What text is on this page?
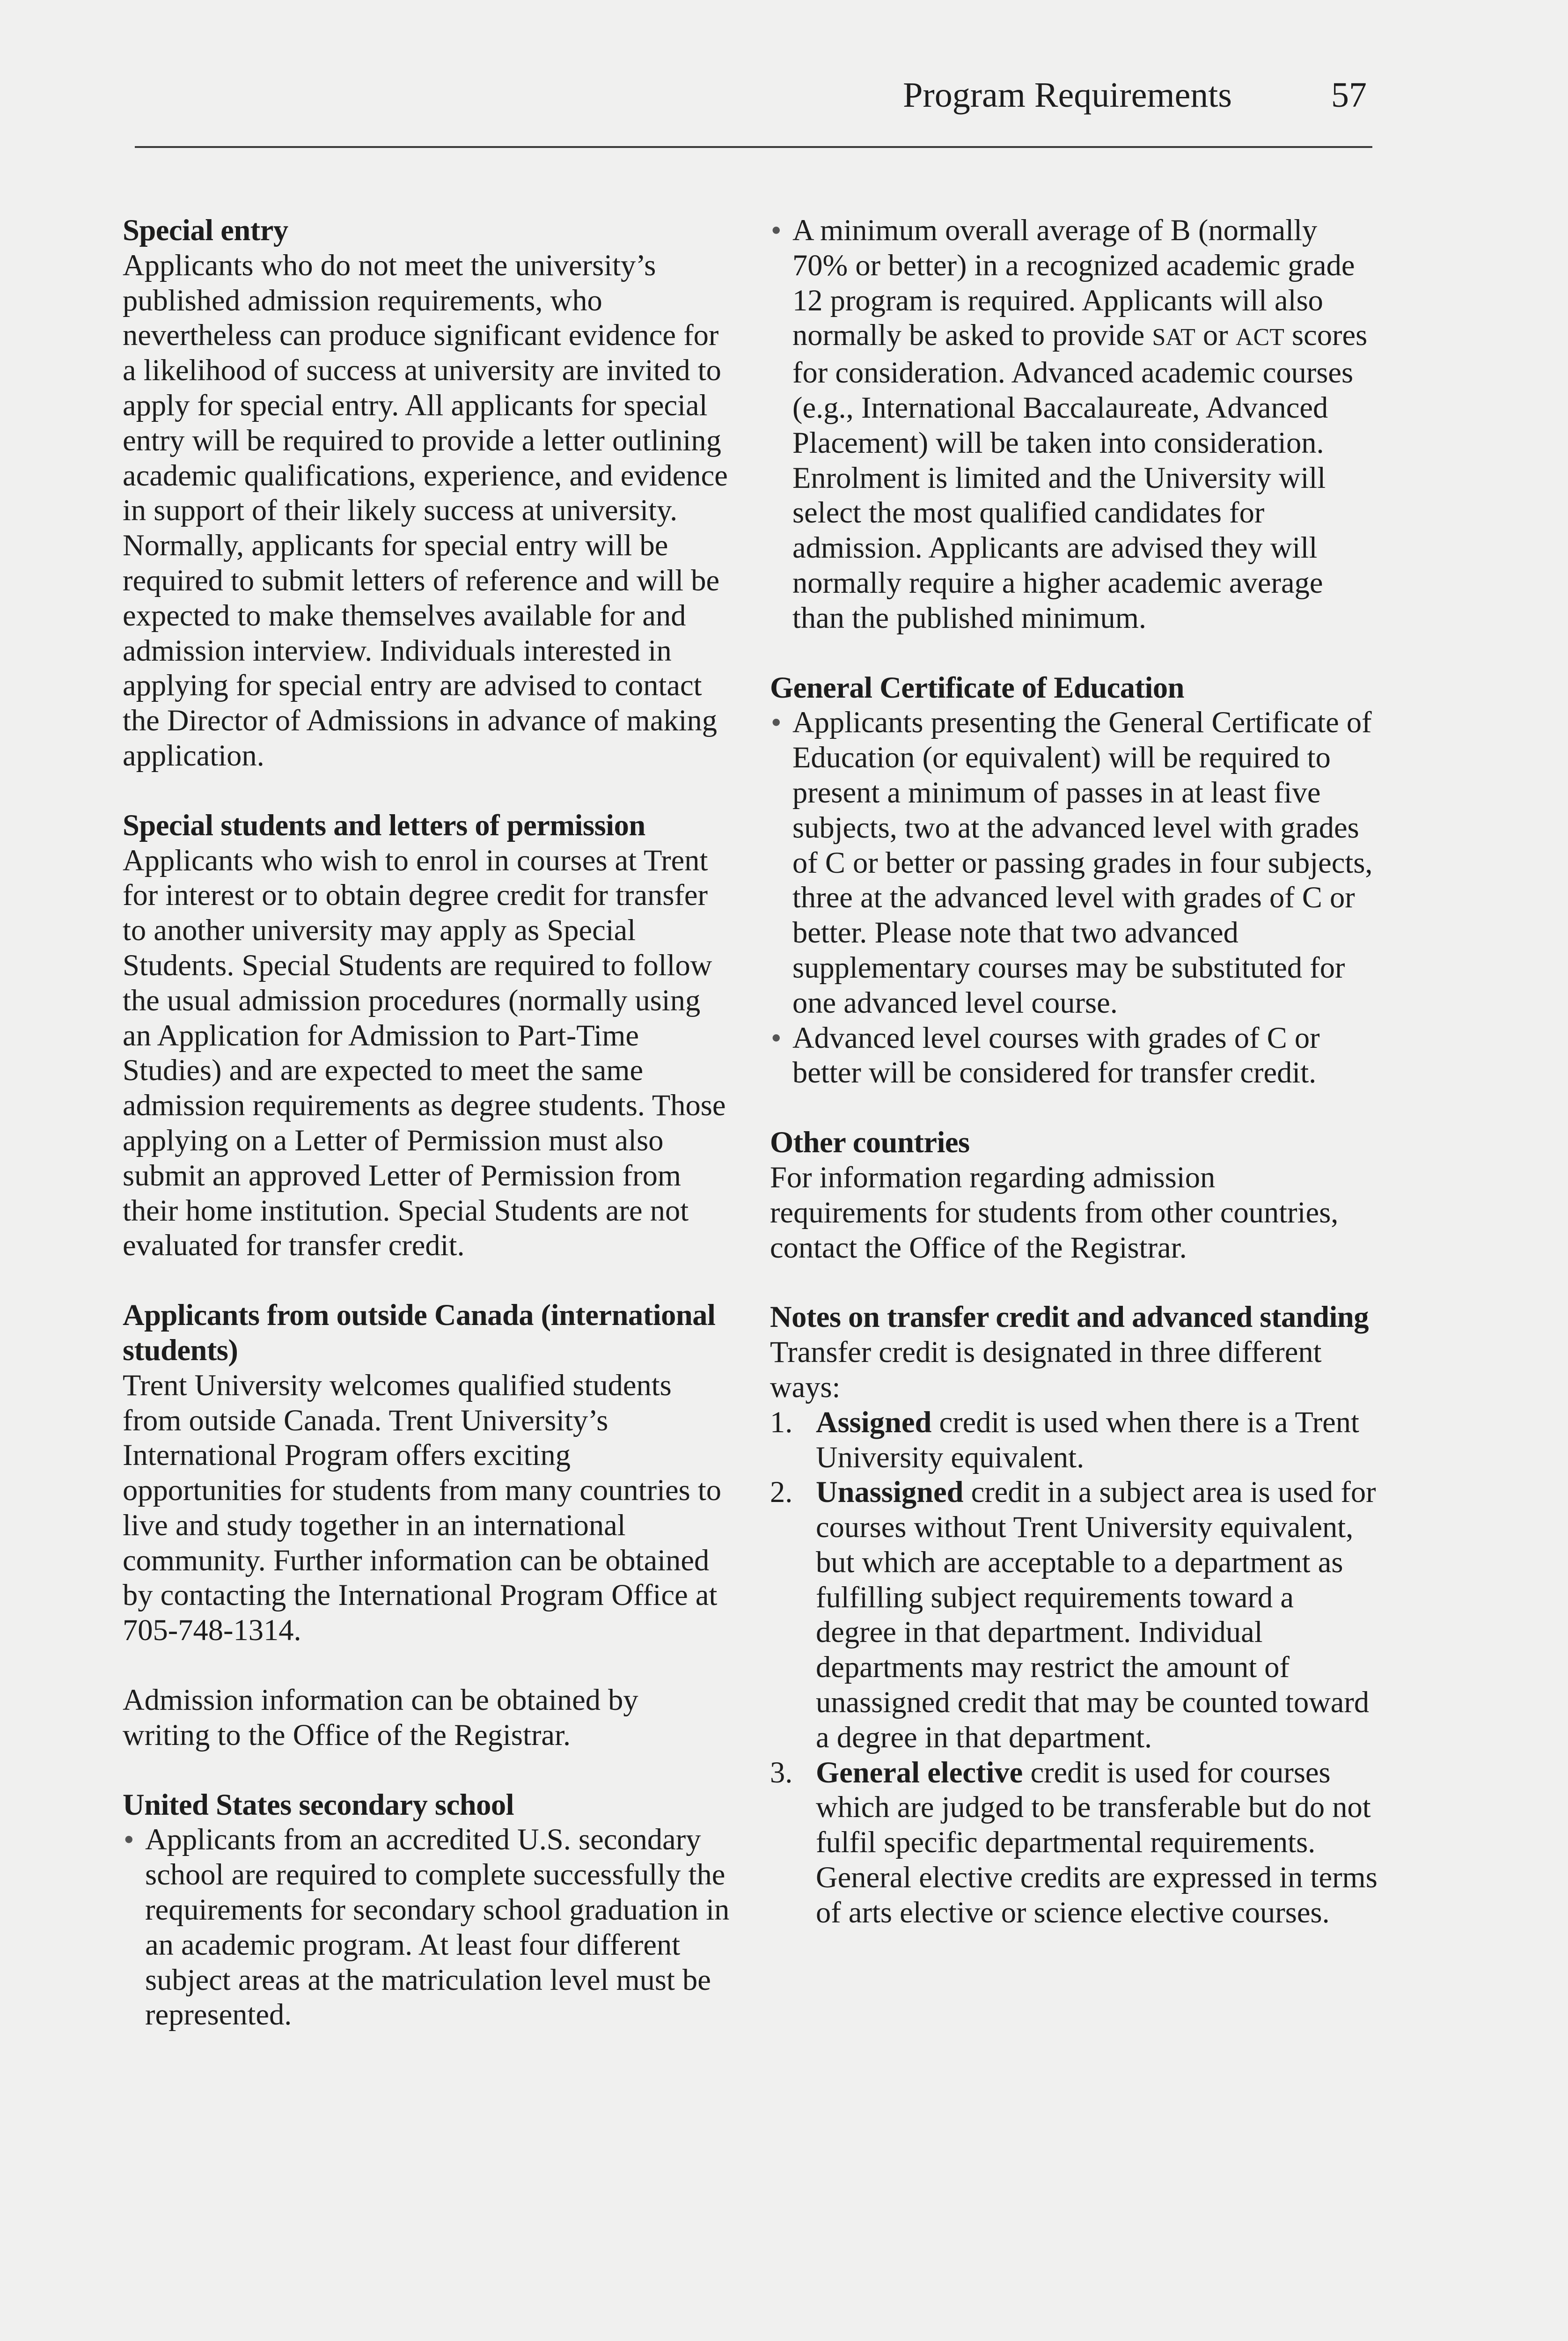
Program Requirements	57
Special entry

Applicants who do not meet the university’s published admission requirements, who nevertheless can produce significant evidence for a likelihood of success at university are invited to apply for special entry. All applicants for special entry will be required to provide a letter outlining academic qualifications, experience, and evidence in support of their likely success at university. Normally, applicants for special entry will be required to submit letters of reference and will be expected to make themselves available for and admission interview. Individuals interested in applying for special entry are advised to contact the Director of Admissions in advance of making application.

Special students and letters of permission

Applicants who wish to enrol in courses at Trent for interest or to obtain degree credit for transfer to another university may apply as Special Students. Special Students are required to follow the usual admission procedures (normally using an Application for Admission to Part-Time Studies) and are expected to meet the same admission requirements as degree students. Those applying on a Letter of Permission must also submit an approved Letter of Permission from their home institution. Special Students are not evaluated for transfer credit.

Applicants from outside Canada (international students)

Trent University welcomes qualified students from outside Canada. Trent University’s International Program offers exciting opportunities for students from many countries to live and study together in an international community. Further information can be obtained by contacting the International Program Office at 705-748-1314.

Admission information can be obtained by writing to the Office of the Registrar.

United States secondary school
• Applicants from an accredited U.S. secondary school are required to complete successfully the requirements for secondary school graduation in an academic program. At least four different subject areas at the matriculation level must be represented.
• A minimum overall average of B (normally 70% or better) in a recognized academic grade 12 program is required. Applicants will also normally be asked to provide SAT or ACT scores for consideration. Advanced academic courses (e.g., International Baccalaureate, Advanced Placement) will be taken into consideration. Enrolment is limited and the University will select the most qualified candidates for admission. Applicants are advised they will normally require a higher academic average than the published minimum.
General Certificate of Education
• Applicants presenting the General Certificate of Education (or equivalent) will be required to present a minimum of passes in at least five subjects, two at the advanced level with grades of C or better or passing grades in four subjects, three at the advanced level with grades of C or better. Please note that two advanced supplementary courses may be substituted for one advanced level course.
• Advanced level courses with grades of C or better will be considered for transfer credit.
Other countries

For information regarding admission requirements for students from other countries, contact the Office of the Registrar.

Notes on transfer credit and advanced standing

Transfer credit is designated in three different ways:

1. Assigned credit is used when there is a Trent University equivalent.
2. Unassigned credit in a subject area is used for courses without Trent University equivalent, but which are acceptable to a department as fulfilling subject requirements toward a degree in that department. Individual departments may restrict the amount of unassigned credit that may be counted toward a degree in that department.
3. General elective credit is used for courses which are judged to be transferable but do not fulfil specific departmental requirements. General elective credits are expressed in terms of arts elective or science elective courses.
